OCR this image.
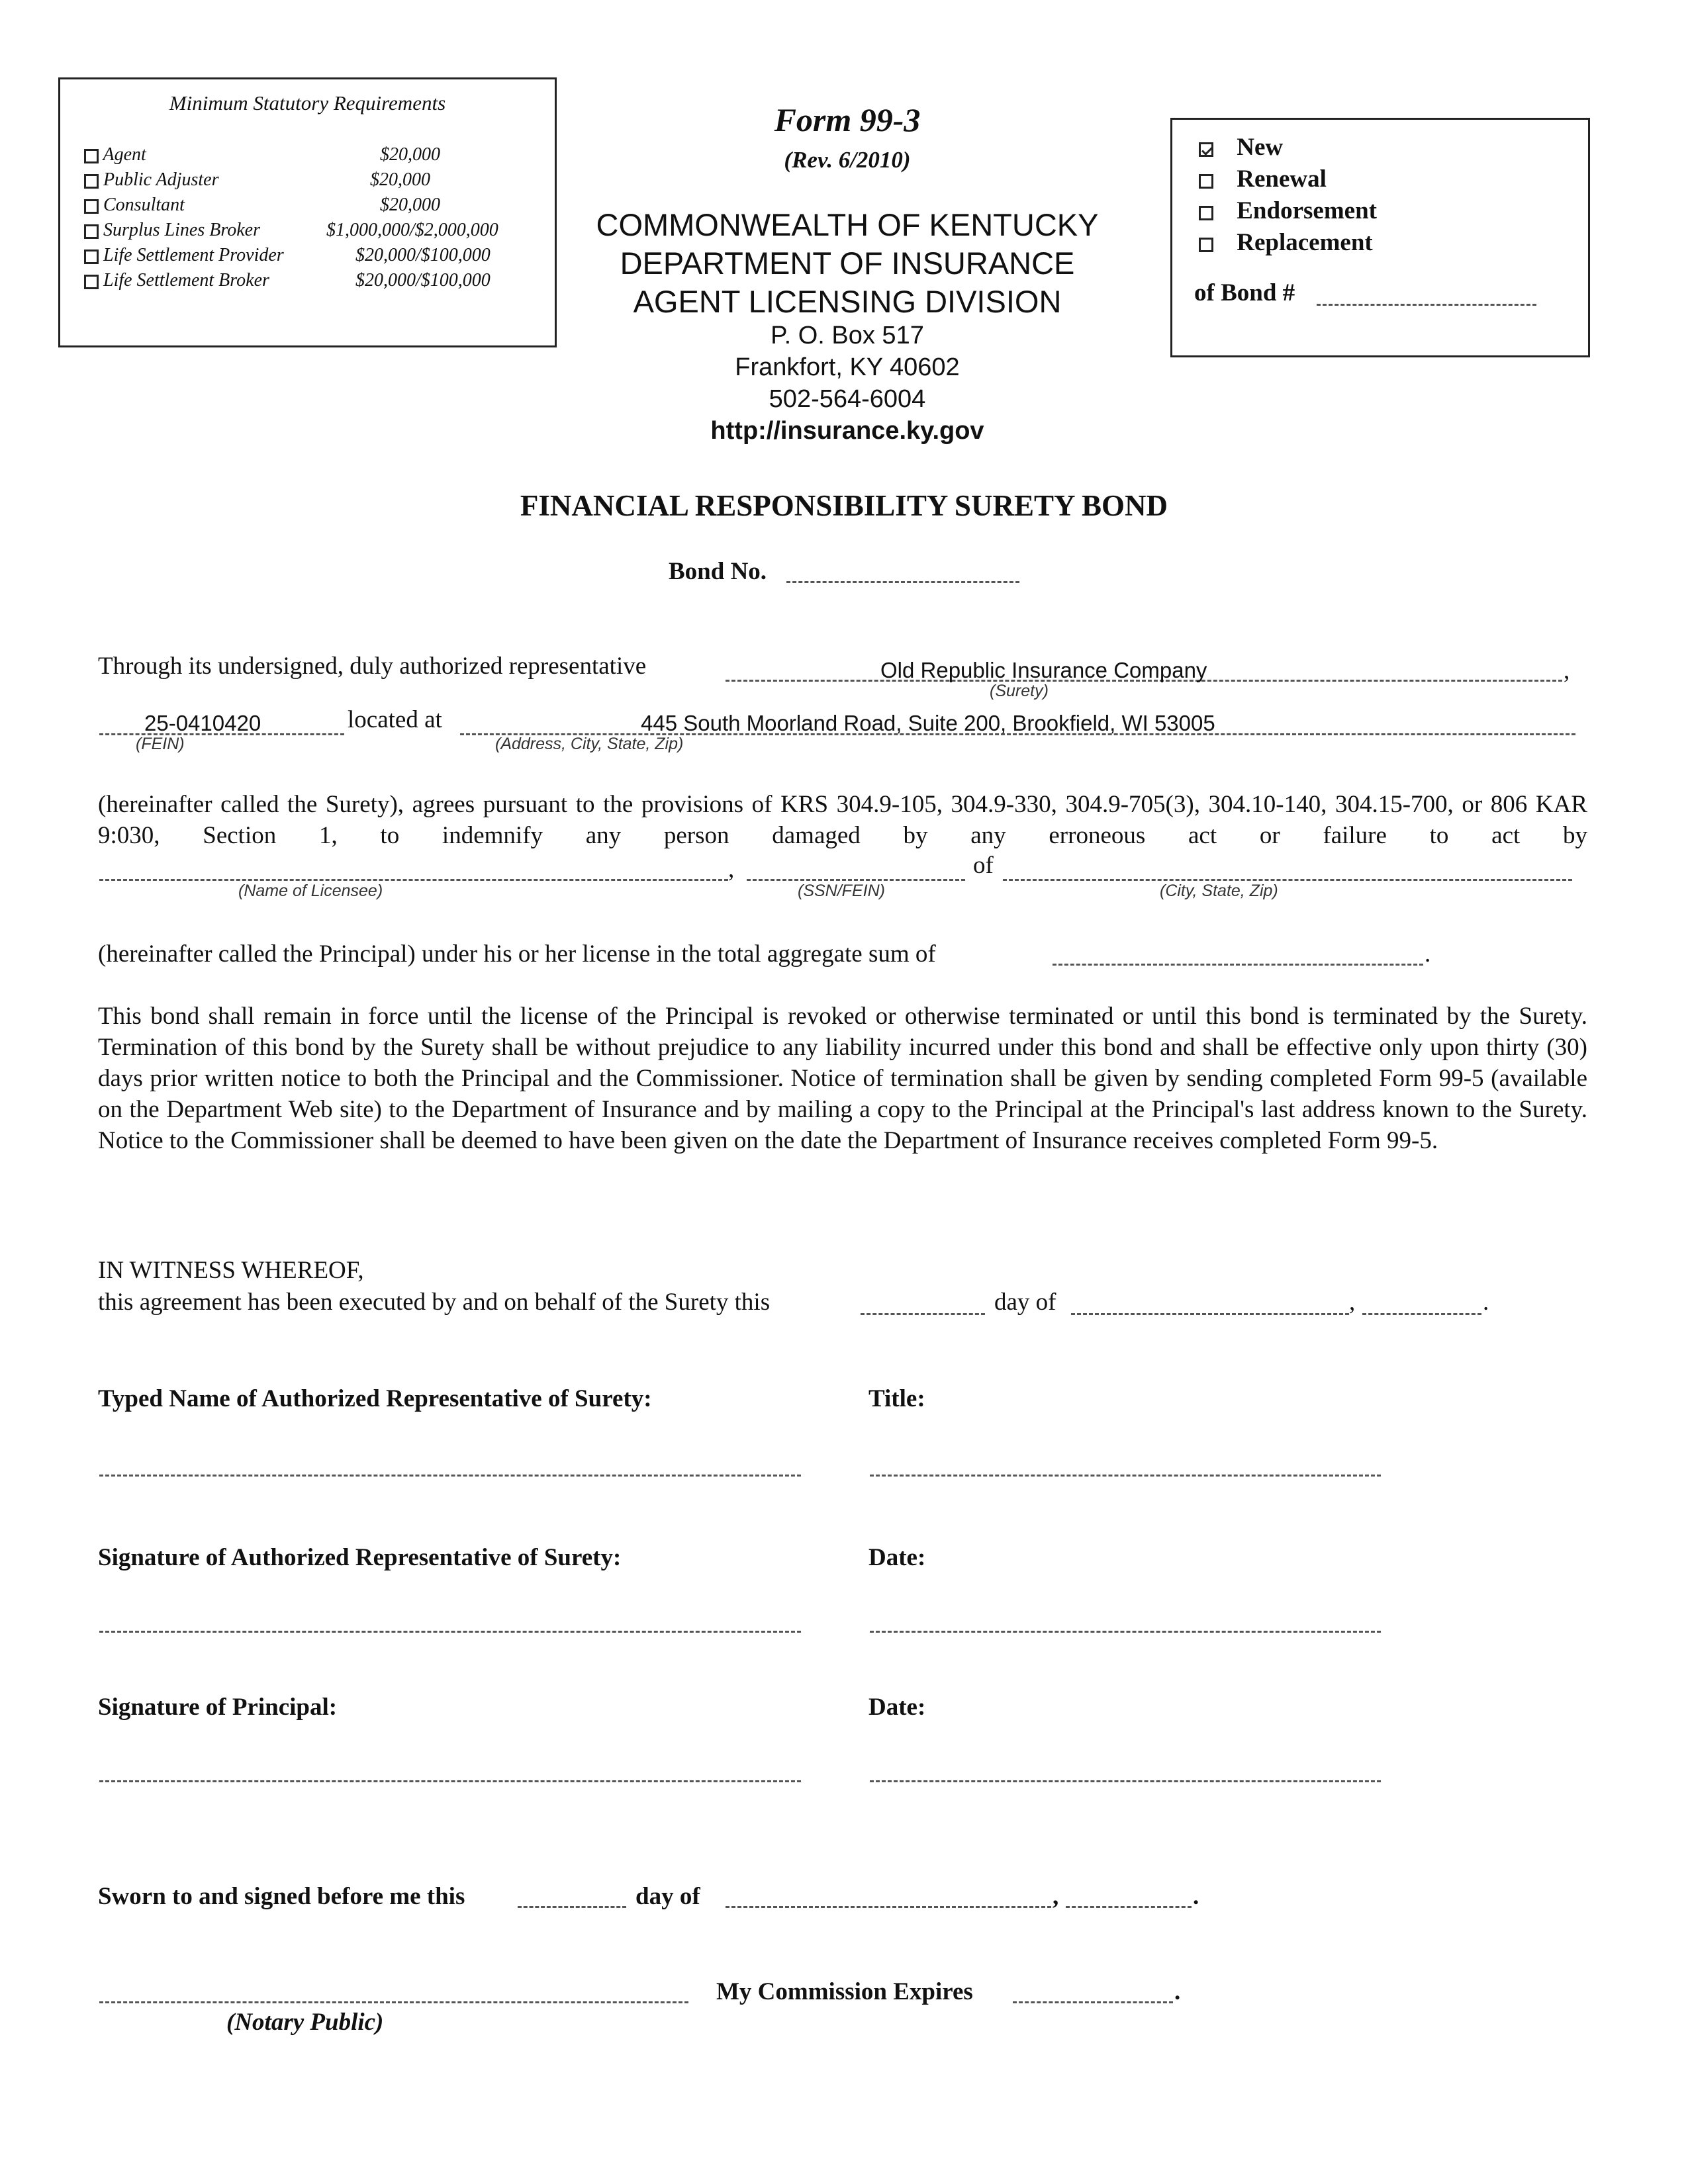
Minimum Statutory Requirements
Agent	$20,000
Public Adjuster	$20,000
Consultant	$20,000
Surplus Lines Broker	$1,000,000/$2,000,000
Life Settlement Provider	$20,000/$100,000
Life Settlement Broker	$20,000/$100,000
Form 99-3
(Rev. 6/2010)
COMMONWEALTH OF KENTUCKY
DEPARTMENT OF INSURANCE
AGENT LICENSING DIVISION
P. O. Box 517
Frankfort, KY 40602
502-564-6004
http://insurance.ky.gov
New
Renewal
Endorsement
Replacement
of Bond #
FINANCIAL RESPONSIBILITY SURETY BOND
Bond No.
Through its undersigned, duly authorized representative	Old Republic Insurance Company	,
(Surety)
25-0410420	located at	445 South Moorland Road, Suite 200, Brookfield, WI 53005
(FEIN)	(Address, City, State, Zip)
(hereinafter called the Surety), agrees pursuant to the provisions of KRS 304.9-105, 304.9-330, 304.9-705(3), 304.10-140, 304.15-700, or 806 KAR 9:030, Section 1, to indemnify any person damaged by any erroneous act or failure to act by
,	of
(Name of Licensee)	(SSN/FEIN)	(City, State, Zip)
(hereinafter called the Principal) under his or her license in the total aggregate sum of	.
This bond shall remain in force until the license of the Principal is revoked or otherwise terminated or until this bond is terminated by the Surety. Termination of this bond by the Surety shall be without prejudice to any liability incurred under this bond and shall be effective only upon thirty (30) days prior written notice to both the Principal and the Commissioner. Notice of termination shall be given by sending completed Form 99-5 (available on the Department Web site) to the Department of Insurance and by mailing a copy to the Principal at the Principal's last address known to the Surety. Notice to the Commissioner shall be deemed to have been given on the date the Department of Insurance receives completed Form 99-5.
IN WITNESS WHEREOF,
this agreement has been executed by and on behalf of the Surety this	day of	,	.
Typed Name of Authorized Representative of Surety:	Title:
Signature of Authorized Representative of Surety:	Date:
Signature of Principal:	Date:
Sworn to and signed before me this	day of	,	.
My Commission Expires	.
(Notary Public)
